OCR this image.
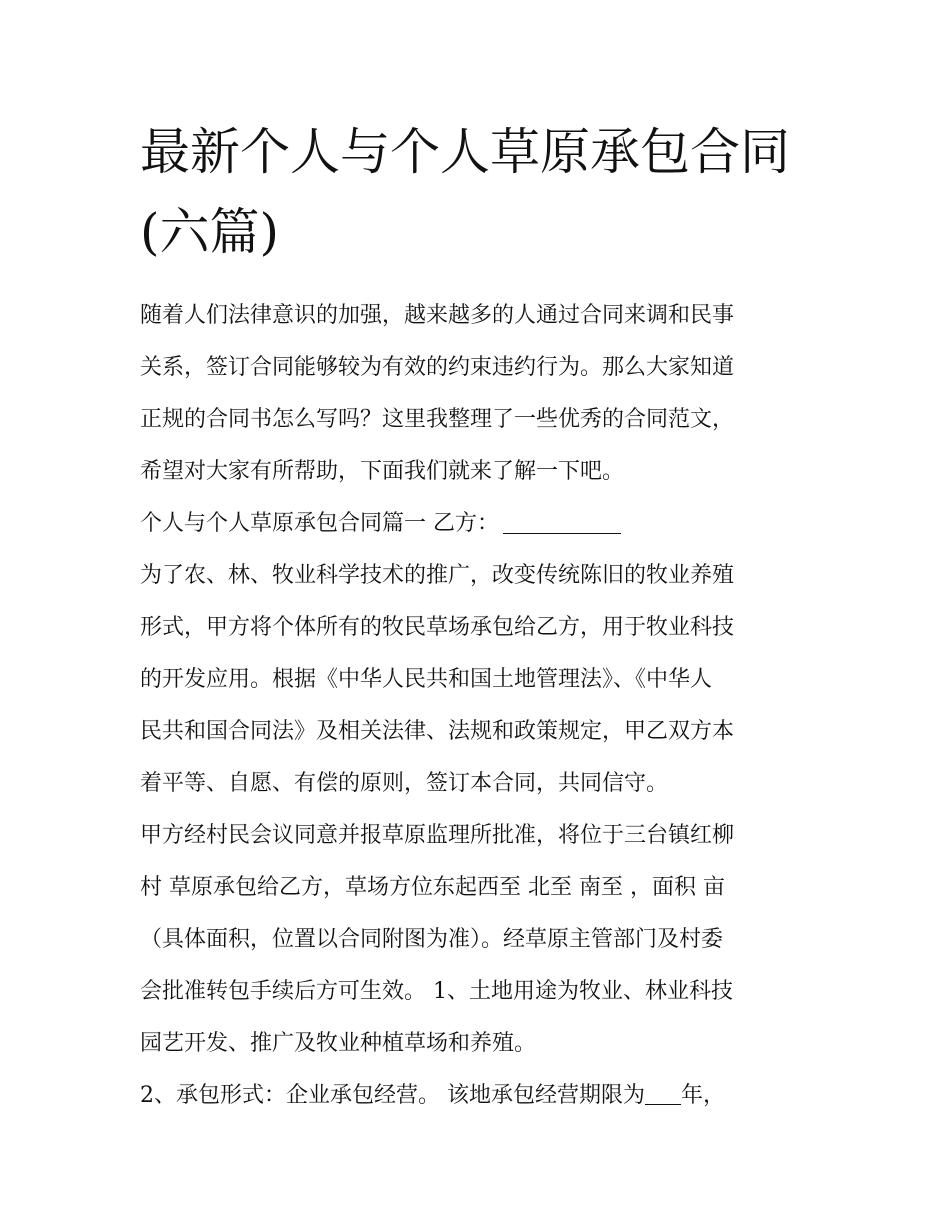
最新个人与个人草原承包合同
(六篇)

随着人们法律意识的加强，越来越多的人通过合同来调和民事
关系，签订合同能够较为有效的约束违约行为。那么大家知道
正规的合同书怎么写吗？这里我整理了一些优秀的合同范文，
希望对大家有所帮助，下面我们就来了解一下吧。

个人与个人草原承包合同篇一 乙方：

为了农、林、牧业科学技术的推广，改变传统陈旧的牧业养殖
形式，甲方将个体所有的牧民草场承包给乙方，用于牧业科技
的开发应用。根据《中华人民共和国土地管理法》、《中华人
民共和国合同法》及相关法律、法规和政策规定，甲乙双方本
着平等、自愿、有偿的原则，签订本合同，共同信守。

甲方经村民会议同意并报草原监理所批准，将位于三台镇红柳
村 草原承包给乙方，草场方位东起西至 北至 南至 ，面积 亩
（具体面积，位置以合同附图为准）。经草原主管部门及村委
会批准转包手续后方可生效。 1、土地用途为牧业、林业科技
园艺开发、推广及牧业种植草场和养殖。

2、承包形式：企业承包经营。 该地承包经营期限为 年，
